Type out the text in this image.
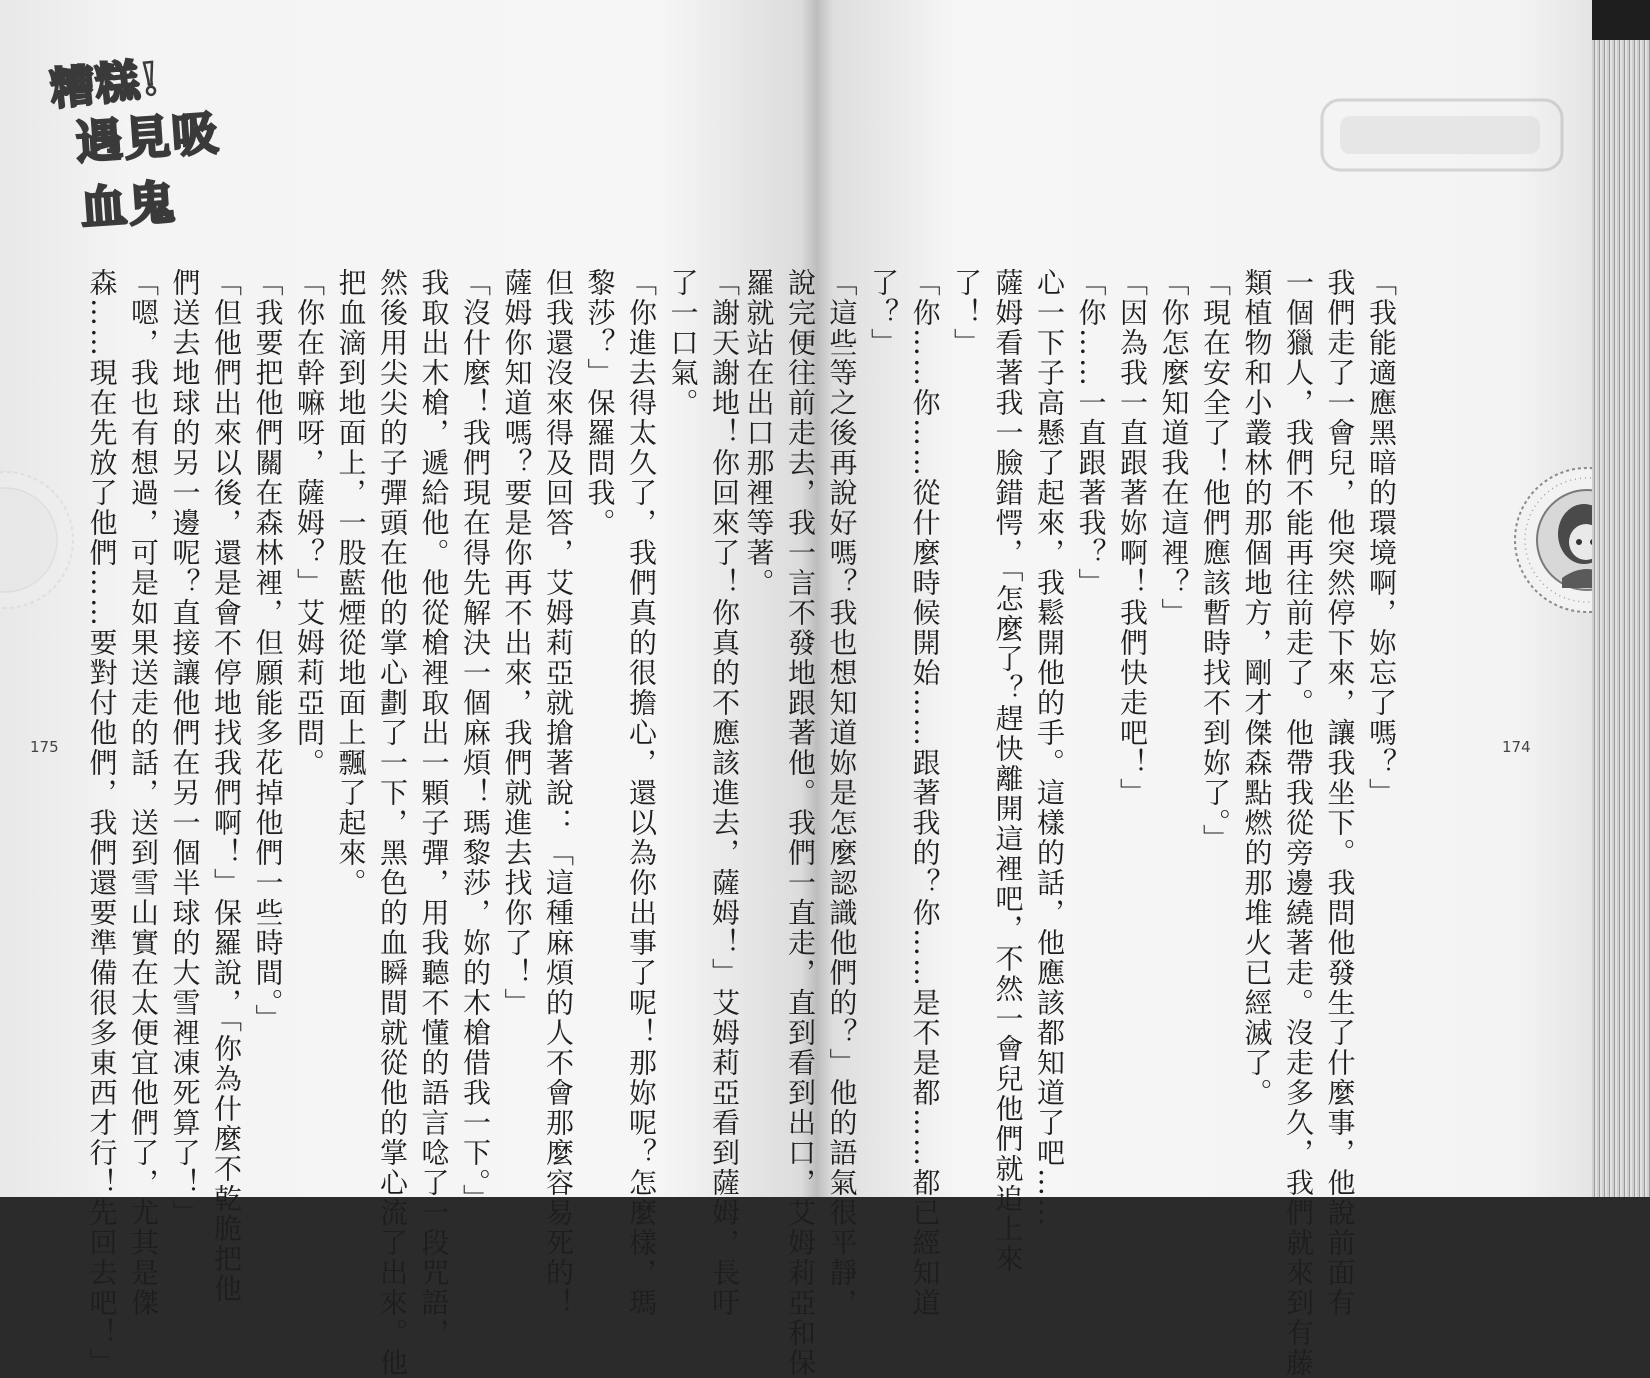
糟糕!
遇見吸血鬼

「謝天謝地！你回來了！你真的不應該進去，薩姆！」艾姆莉亞看到薩姆，長吁

了一口氣。

「你進去得太久了，我們真的很擔心，還以為你出事了呢！那妳呢？怎麼樣，瑪

黎莎？」保羅問我。

但我還沒來得及回答，艾姆莉亞就搶著說：「這種麻煩的人不會那麼容易死的！

薩姆你知道嗎？要是你再不出來，我們就進去找你了！」

「沒什麼！我們現在得先解決一個麻煩！瑪黎莎，妳的木槍借我一下。」

我取出木槍，遞給他。他從槍裡取出一顆子彈，用我聽不懂的語言唸了一段咒語，

然後用尖尖的子彈頭在他的掌心劃了一下，黑色的血瞬間就從他的掌心流了出來。他

把血滴到地面上，一股藍煙從地面上飄了起來。

「你在幹嘛呀，薩姆？」艾姆莉亞問。

「我要把他們關在森林裡，但願能多花掉他們一些時間。」

「但他們出來以後，還是會不停地找我們啊！」保羅說，「你為什麼不乾脆把他

們送去地球的另一邊呢？直接讓他們在另一個半球的大雪裡凍死算了！」

「嗯，我也有想過，可是如果送走的話，送到雪山實在太便宜他們了，尤其是傑

森……現在先放了他們……要對付他們，我們還要準備很多東西才行！先回去吧！」

175	「我能適應黑暗的環境啊，妳忘了嗎？」

我們走了一會兒，他突然停下來，讓我坐下。我問他發生了什麼事，他說前面有

一個獵人，我們不能再往前走了。他帶我從旁邊繞著走。沒走多久，我們就來到有藤

類植物和小叢林的那個地方，剛才傑森點燃的那堆火已經滅了。

「現在安全了！他們應該暫時找不到妳了。」

「你怎麼知道我在這裡？」

「因為我一直跟著妳啊！我們快走吧！」

「你……一直跟著我？」

心一下子高懸了起來，我鬆開他的手。這樣的話，他應該都知道了吧……

薩姆看著我一臉錯愕，「怎麼了？趕快離開這裡吧，不然一會兒他們就追上來

了！」

「你……你……從什麼時候開始……跟著我的？你……是不是都……都已經知道

了？」

「這些等之後再說好嗎？我也想知道妳是怎麼認識他們的？」他的語氣很平靜，

說完便往前走去，我一言不發地跟著他。我們一直走，直到看到出口，艾姆莉亞和保

羅就站在出口那裡等著。

174
